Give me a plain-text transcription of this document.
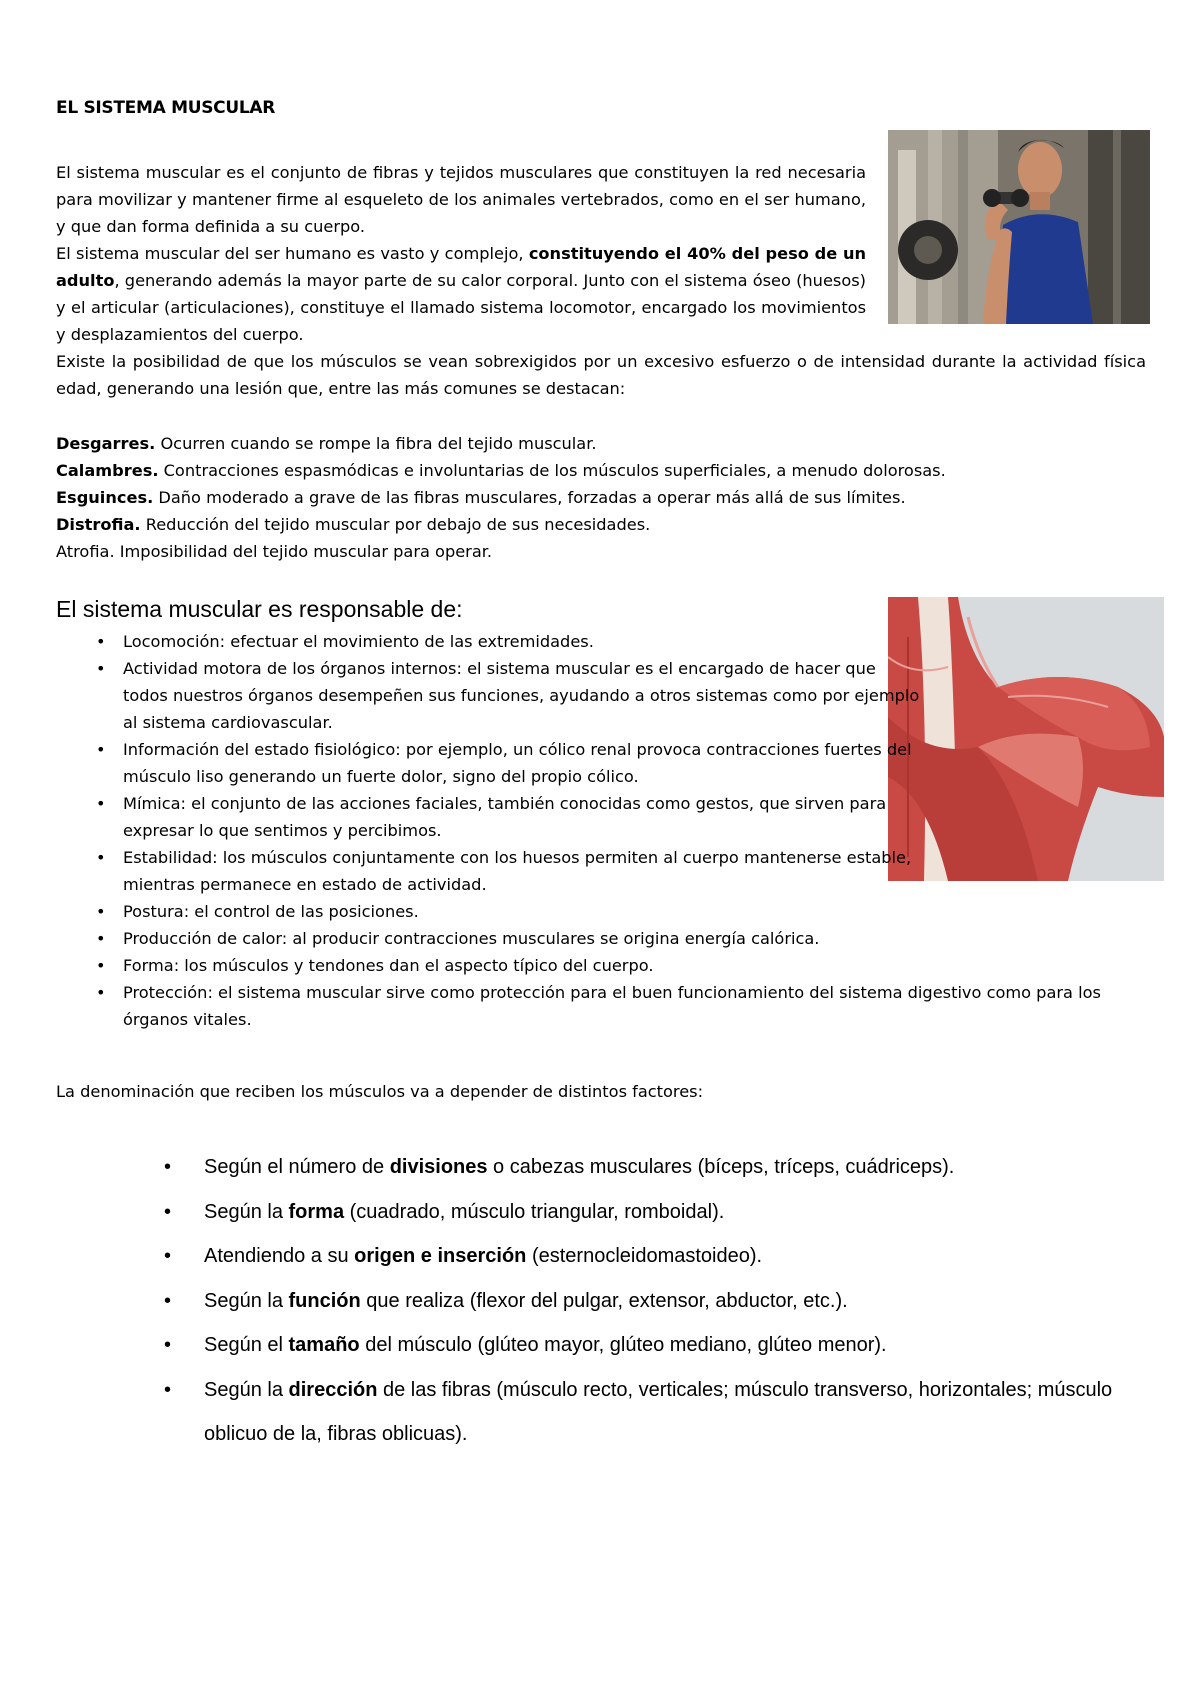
EL SISTEMA MUSCULAR
El sistema muscular es el conjunto de fibras y tejidos musculares que constituyen la red necesaria para movilizar y mantener firme al esqueleto de los animales vertebrados, como en el ser humano, y que dan forma definida a su cuerpo.
El sistema muscular del ser humano es vasto y complejo, constituyendo el 40% del peso de un adulto, generando además la mayor parte de su calor corporal. Junto con el sistema óseo (huesos) y el articular (articulaciones), constituye el llamado sistema locomotor, encargado los movimientos y desplazamientos del cuerpo.
Existe la posibilidad de que los músculos se vean sobrexigidos por un excesivo esfuerzo o de intensidad durante la actividad física edad, generando una lesión que, entre las más comunes se destacan:
Desgarres. Ocurren cuando se rompe la fibra del tejido muscular.
Calambres. Contracciones espasmódicas e involuntarias de los músculos superficiales, a menudo dolorosas.
Esguinces. Daño moderado a grave de las fibras musculares, forzadas a operar más allá de sus límites.
Distrofia. Reducción del tejido muscular por debajo de sus necesidades.
Atrofia. Imposibilidad del tejido muscular para operar.
El sistema muscular es responsable de:
• Locomoción: efectuar el movimiento de las extremidades.
• Actividad motora de los órganos internos: el sistema muscular es el encargado de hacer que todos nuestros órganos desempeñen sus funciones, ayudando a otros sistemas como por ejemplo al sistema cardiovascular.
• Información del estado fisiológico: por ejemplo, un cólico renal provoca contracciones fuertes del músculo liso generando un fuerte dolor, signo del propio cólico.
• Mímica: el conjunto de las acciones faciales, también conocidas como gestos, que sirven para expresar lo que sentimos y percibimos.
• Estabilidad: los músculos conjuntamente con los huesos permiten al cuerpo mantenerse estable, mientras permanece en estado de actividad.
• Postura: el control de las posiciones.
• Producción de calor: al producir contracciones musculares se origina energía calórica.
• Forma: los músculos y tendones dan el aspecto típico del cuerpo.
• Protección: el sistema muscular sirve como protección para el buen funcionamiento del sistema digestivo como para los órganos vitales.
La denominación que reciben los músculos va a depender de distintos factores:
• Según el número de divisiones o cabezas musculares (bíceps, tríceps, cuádriceps).
• Según la forma (cuadrado, músculo triangular, romboidal).
• Atendiendo a su origen e inserción (esternocleidomastoideo).
• Según la función que realiza (flexor del pulgar, extensor, abductor, etc.).
• Según el tamaño del músculo (glúteo mayor, glúteo mediano, glúteo menor).
• Según la dirección de las fibras (músculo recto, verticales; músculo transverso, horizontales; músculo oblicuo de la, fibras oblicuas).
